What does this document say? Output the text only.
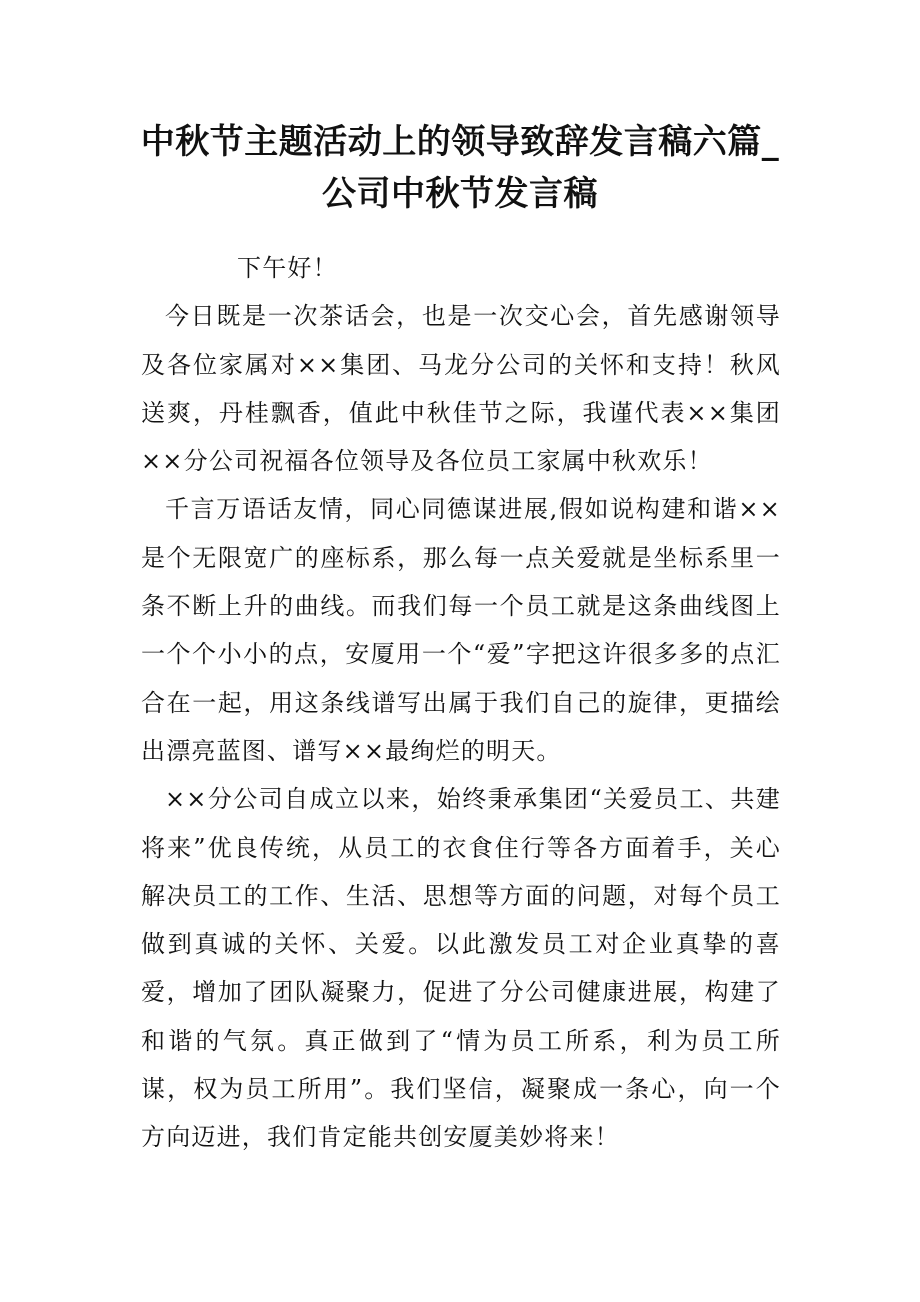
中秋节主题活动上的领导致辞发言稿六篇_
公司中秋节发言稿

下午好！

今日既是一次茶话会，也是一次交心会，首先感谢领导及各位家属对××集团、马龙分公司的关怀和支持！秋风送爽，丹桂飘香，值此中秋佳节之际，我谨代表××集团××分公司祝福各位领导及各位员工家属中秋欢乐！

千言万语话友情，同心同德谋进展,假如说构建和谐××是个无限宽广的座标系，那么每一点关爱就是坐标系里一条不断上升的曲线。而我们每一个员工就是这条曲线图上一个个小小的点，安厦用一个“爱”字把这许很多多的点汇合在一起，用这条线谱写出属于我们自己的旋律，更描绘出漂亮蓝图、谱写××最绚烂的明天。

××分公司自成立以来，始终秉承集团“关爱员工、共建将来”优良传统，从员工的衣食住行等各方面着手，关心解决员工的工作、生活、思想等方面的问题，对每个员工做到真诚的关怀、关爱。以此激发员工对企业真挚的喜爱，增加了团队凝聚力，促进了分公司健康进展，构建了和谐的气氛。真正做到了“情为员工所系，利为员工所谋，权为员工所用”。我们坚信，凝聚成一条心，向一个方向迈进，我们肯定能共创安厦美妙将来！
